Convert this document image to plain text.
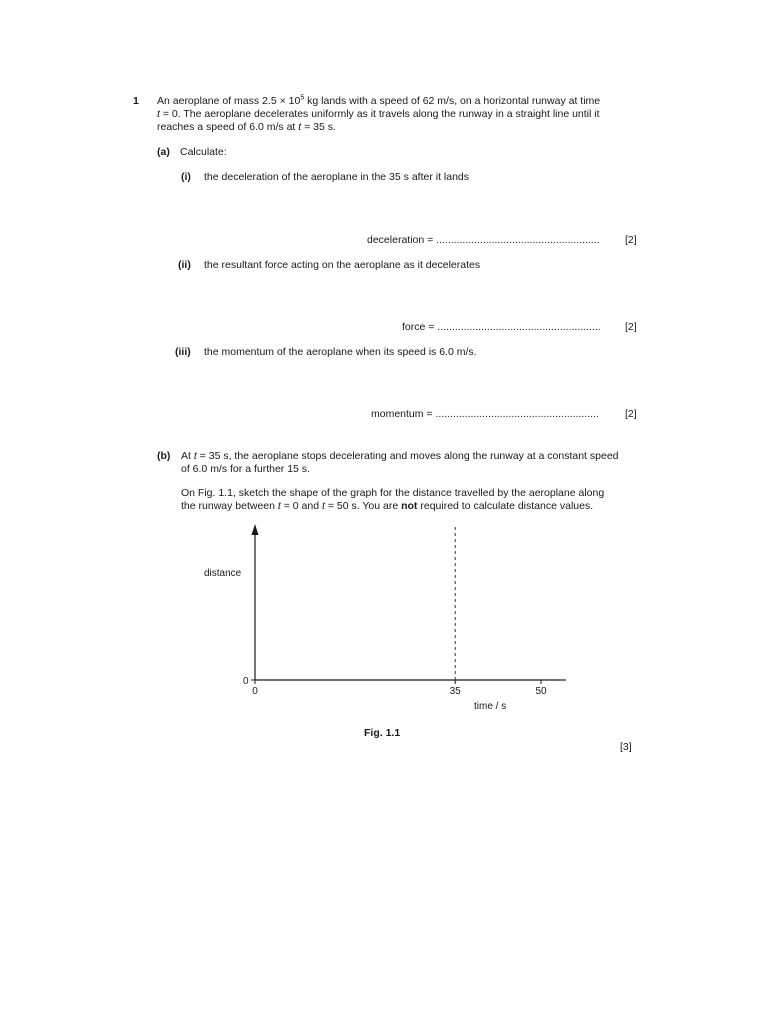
1 An aeroplane of mass $2.5 \times 10^5$ kg lands with a speed of 62 m/s, on a horizontal runway at time
t = 0. The aeroplane decelerates uniformly as it travels along the runway in a straight line until it
reaches a speed of 6.0 m/s at t = 35 s.
(a) Calculate:
(i) the deceleration of the aeroplane in the 35 s after it lands
deceleration = ........................................................ [2]
(ii) the resultant force acting on the aeroplane as it decelerates
force = ........................................................ [2]
(iii) the momentum of the aeroplane when its speed is 6.0 m/s.
momentum = ........................................................ [2]
(b) At t = 35 s, the aeroplane stops decelerating and moves along the runway at a constant speed
of 6.0 m/s for a further 15 s.
On Fig. 1.1, sketch the shape of the graph for the distance travelled by the aeroplane along
the runway between t = 0 and t = 50 s. You are not required to calculate distance values.
0
0	35	50
distance
time / s
Fig. 1.1
[3]
